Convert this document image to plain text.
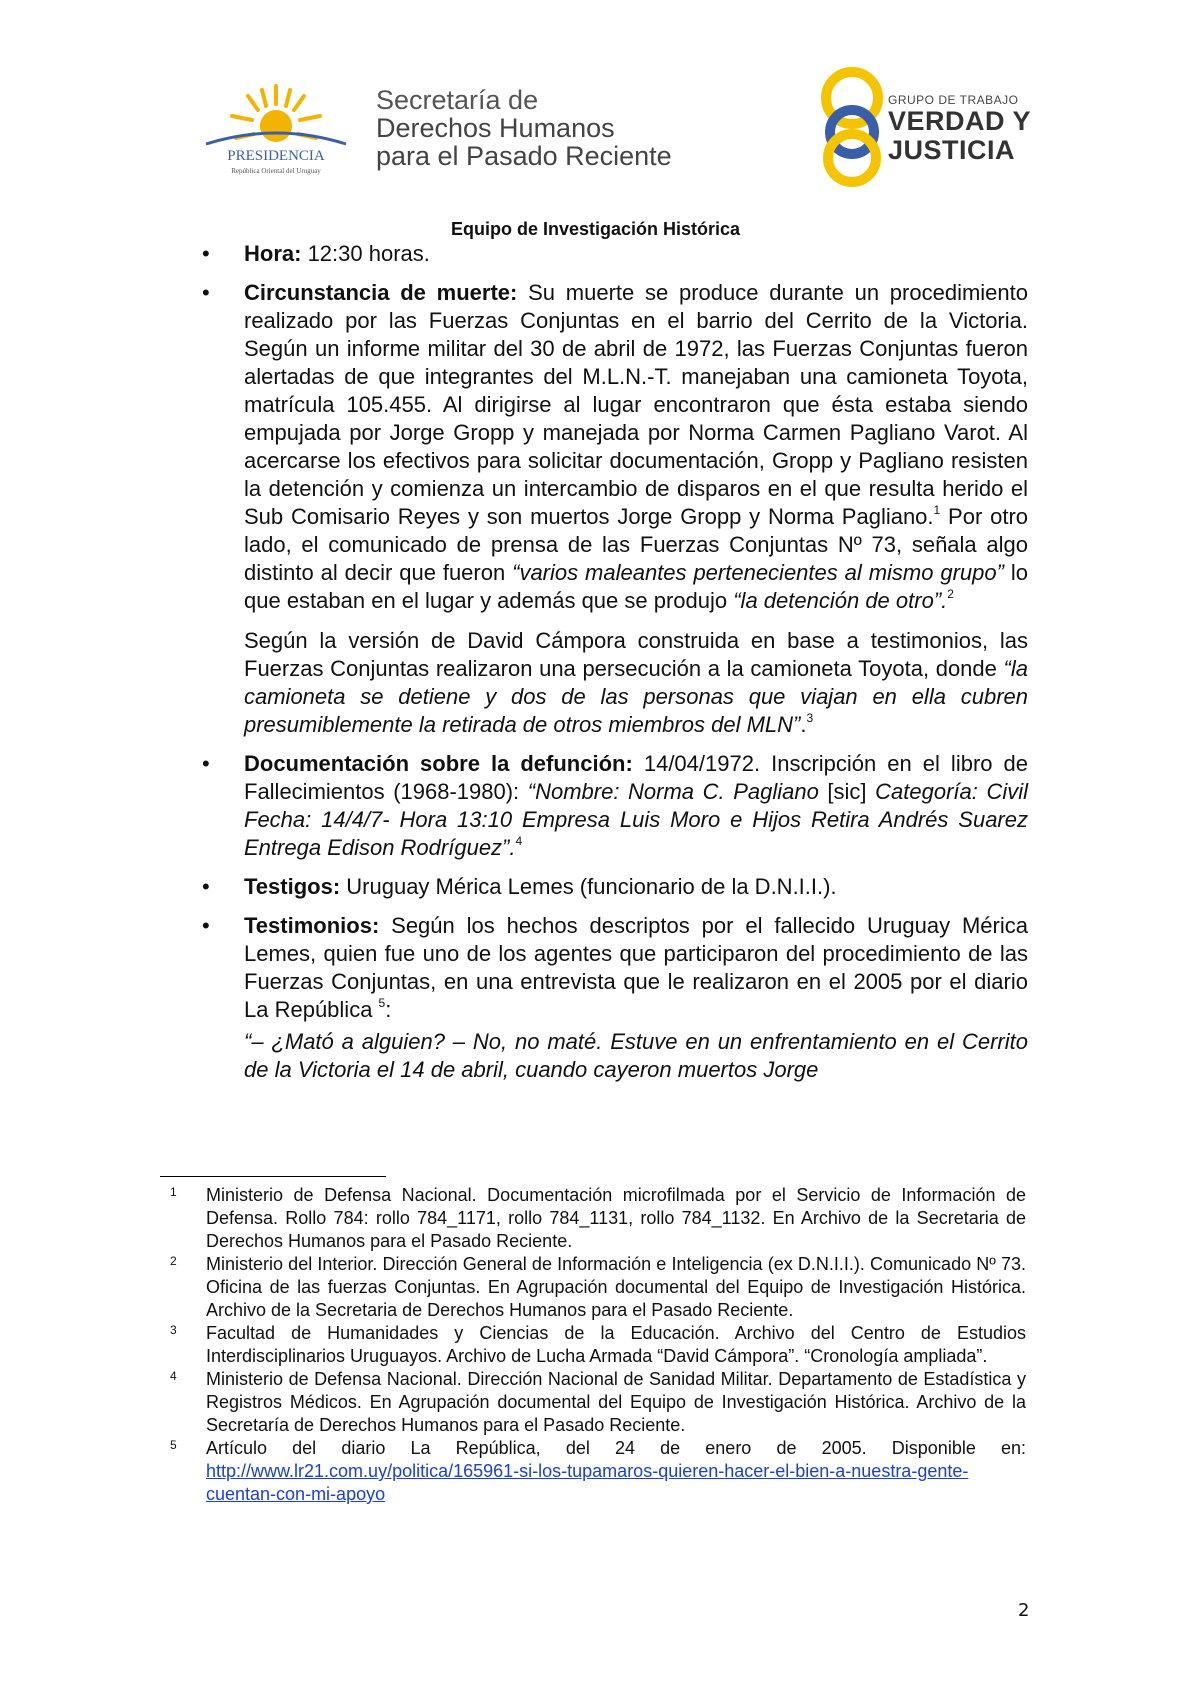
PRESIDENCIA
República Oriental del Uruguay
Secretaría de
Derechos Humanos
para el Pasado Reciente
GRUPO DE TRABAJO
VERDAD Y
JUSTICIA
Equipo de Investigación Histórica
• Hora: 12:30 horas.

• Circunstancia de muerte: Su muerte se produce durante un procedimiento realizado por las Fuerzas Conjuntas en el barrio del Cerrito de la Victoria. Según un informe militar del 30 de abril de 1972, las Fuerzas Conjuntas fueron alertadas de que integrantes del M.L.N.-T. manejaban una camioneta Toyota, matrícula 105.455. Al dirigirse al lugar encontraron que ésta estaba siendo empujada por Jorge Gropp y manejada por Norma Carmen Pagliano Varot. Al acercarse los efectivos para solicitar documentación, Gropp y Pagliano resisten la detención y comienza un intercambio de disparos en el que resulta herido el Sub Comisario Reyes y son muertos Jorge Gropp y Norma Pagliano.$^1$ Por otro lado, el comunicado de prensa de las Fuerzas Conjuntas Nº 73, señala algo distinto al decir que fueron “varios maleantes pertenecientes al mismo grupo” lo que estaban en el lugar y además que se produjo “la detención de otro”.$^2$

Según la versión de David Cámpora construida en base a testimonios, las Fuerzas Conjuntas realizaron una persecución a la camioneta Toyota, donde “la camioneta se detiene y dos de las personas que viajan en ella cubren presumiblemente la retirada de otros miembros del MLN”.$^3$

• Documentación sobre la defunción: 14/04/1972. Inscripción en el libro de Fallecimientos (1968-1980): “Nombre: Norma C. Pagliano [sic] Categoría: Civil Fecha: 14/4/7- Hora 13:10 Empresa Luis Moro e Hijos Retira Andrés Suarez Entrega Edison Rodríguez”.$^4$

• Testigos: Uruguay Mérica Lemes (funcionario de la D.N.I.I.).

• Testimonios: Según los hechos descriptos por el fallecido Uruguay Mérica Lemes, quien fue uno de los agentes que participaron del procedimiento de las Fuerzas Conjuntas, en una entrevista que le realizaron en el 2005 por el diario La República $^5$:

“– ¿Mató a alguien? – No, no maté. Estuve en un enfrentamiento en el Cerrito de la Victoria el 14 de abril, cuando cayeron muertos Jorge

1 Ministerio de Defensa Nacional. Documentación microfilmada por el Servicio de Información de Defensa. Rollo 784: rollo 784_1171, rollo 784_1131, rollo 784_1132. En Archivo de la Secretaria de Derechos Humanos para el Pasado Reciente.
2 Ministerio del Interior. Dirección General de Información e Inteligencia (ex D.N.I.I.). Comunicado Nº 73. Oficina de las fuerzas Conjuntas. En Agrupación documental del Equipo de Investigación Histórica. Archivo de la Secretaria de Derechos Humanos para el Pasado Reciente.
3 Facultad de Humanidades y Ciencias de la Educación. Archivo del Centro de Estudios Interdisciplinarios Uruguayos. Archivo de Lucha Armada “David Cámpora”. “Cronología ampliada”.
4 Ministerio de Defensa Nacional. Dirección Nacional de Sanidad Militar. Departamento de Estadística y Registros Médicos. En Agrupación documental del Equipo de Investigación Histórica. Archivo de la Secretaría de Derechos Humanos para el Pasado Reciente.
5 Artículo del diario La República, del 24 de enero de 2005. Disponible en: http://www.lr21.com.uy/politica/165961-si-los-tupamaros-quieren-hacer-el-bien-a-nuestra-gente-cuentan-con-mi-apoyo
2
